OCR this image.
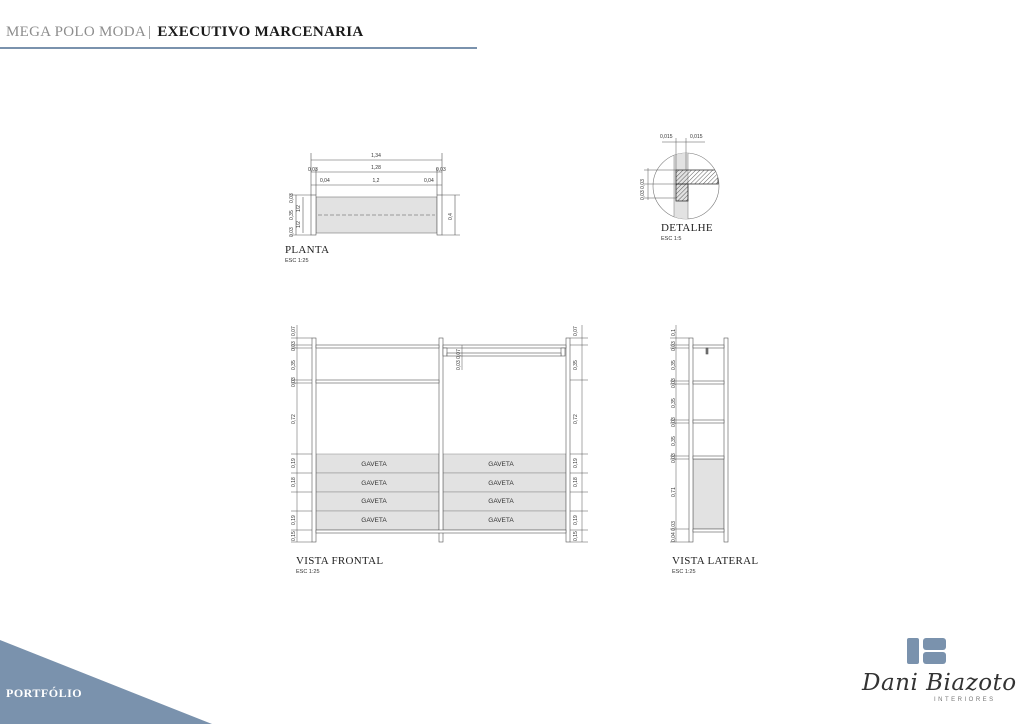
MEGA POLO MODA | EXECUTIVO MARCENARIA
1,34
1,28
0,03	0,03
0,04	1,2	0,04
0,03
0,35
0,03
1/2
1/2
0,4
PLANTA
ESC 1:25
0,015	0,015
0,03 0,03
DETALHE
ESC 1:5
GAVETA
GAVETA
GAVETA
GAVETA
GAVETA
GAVETA
GAVETA
GAVETA
0,07
0,03
0,35
0,03
0,72
0,19
0,18
0,19
0,15
0,07
0,35
0,72
0,19
0,18
0,19
0,15
0,03 0,07
VISTA FRONTAL
ESC 1:25
0,1
0,03
0,35
0,03
0,35
0,03
0,35
0,03
0,71
0,04 0,03
VISTA LATERAL
ESC 1:25
PORTFÓLIO	Dani Biazoto
INTERIORES
